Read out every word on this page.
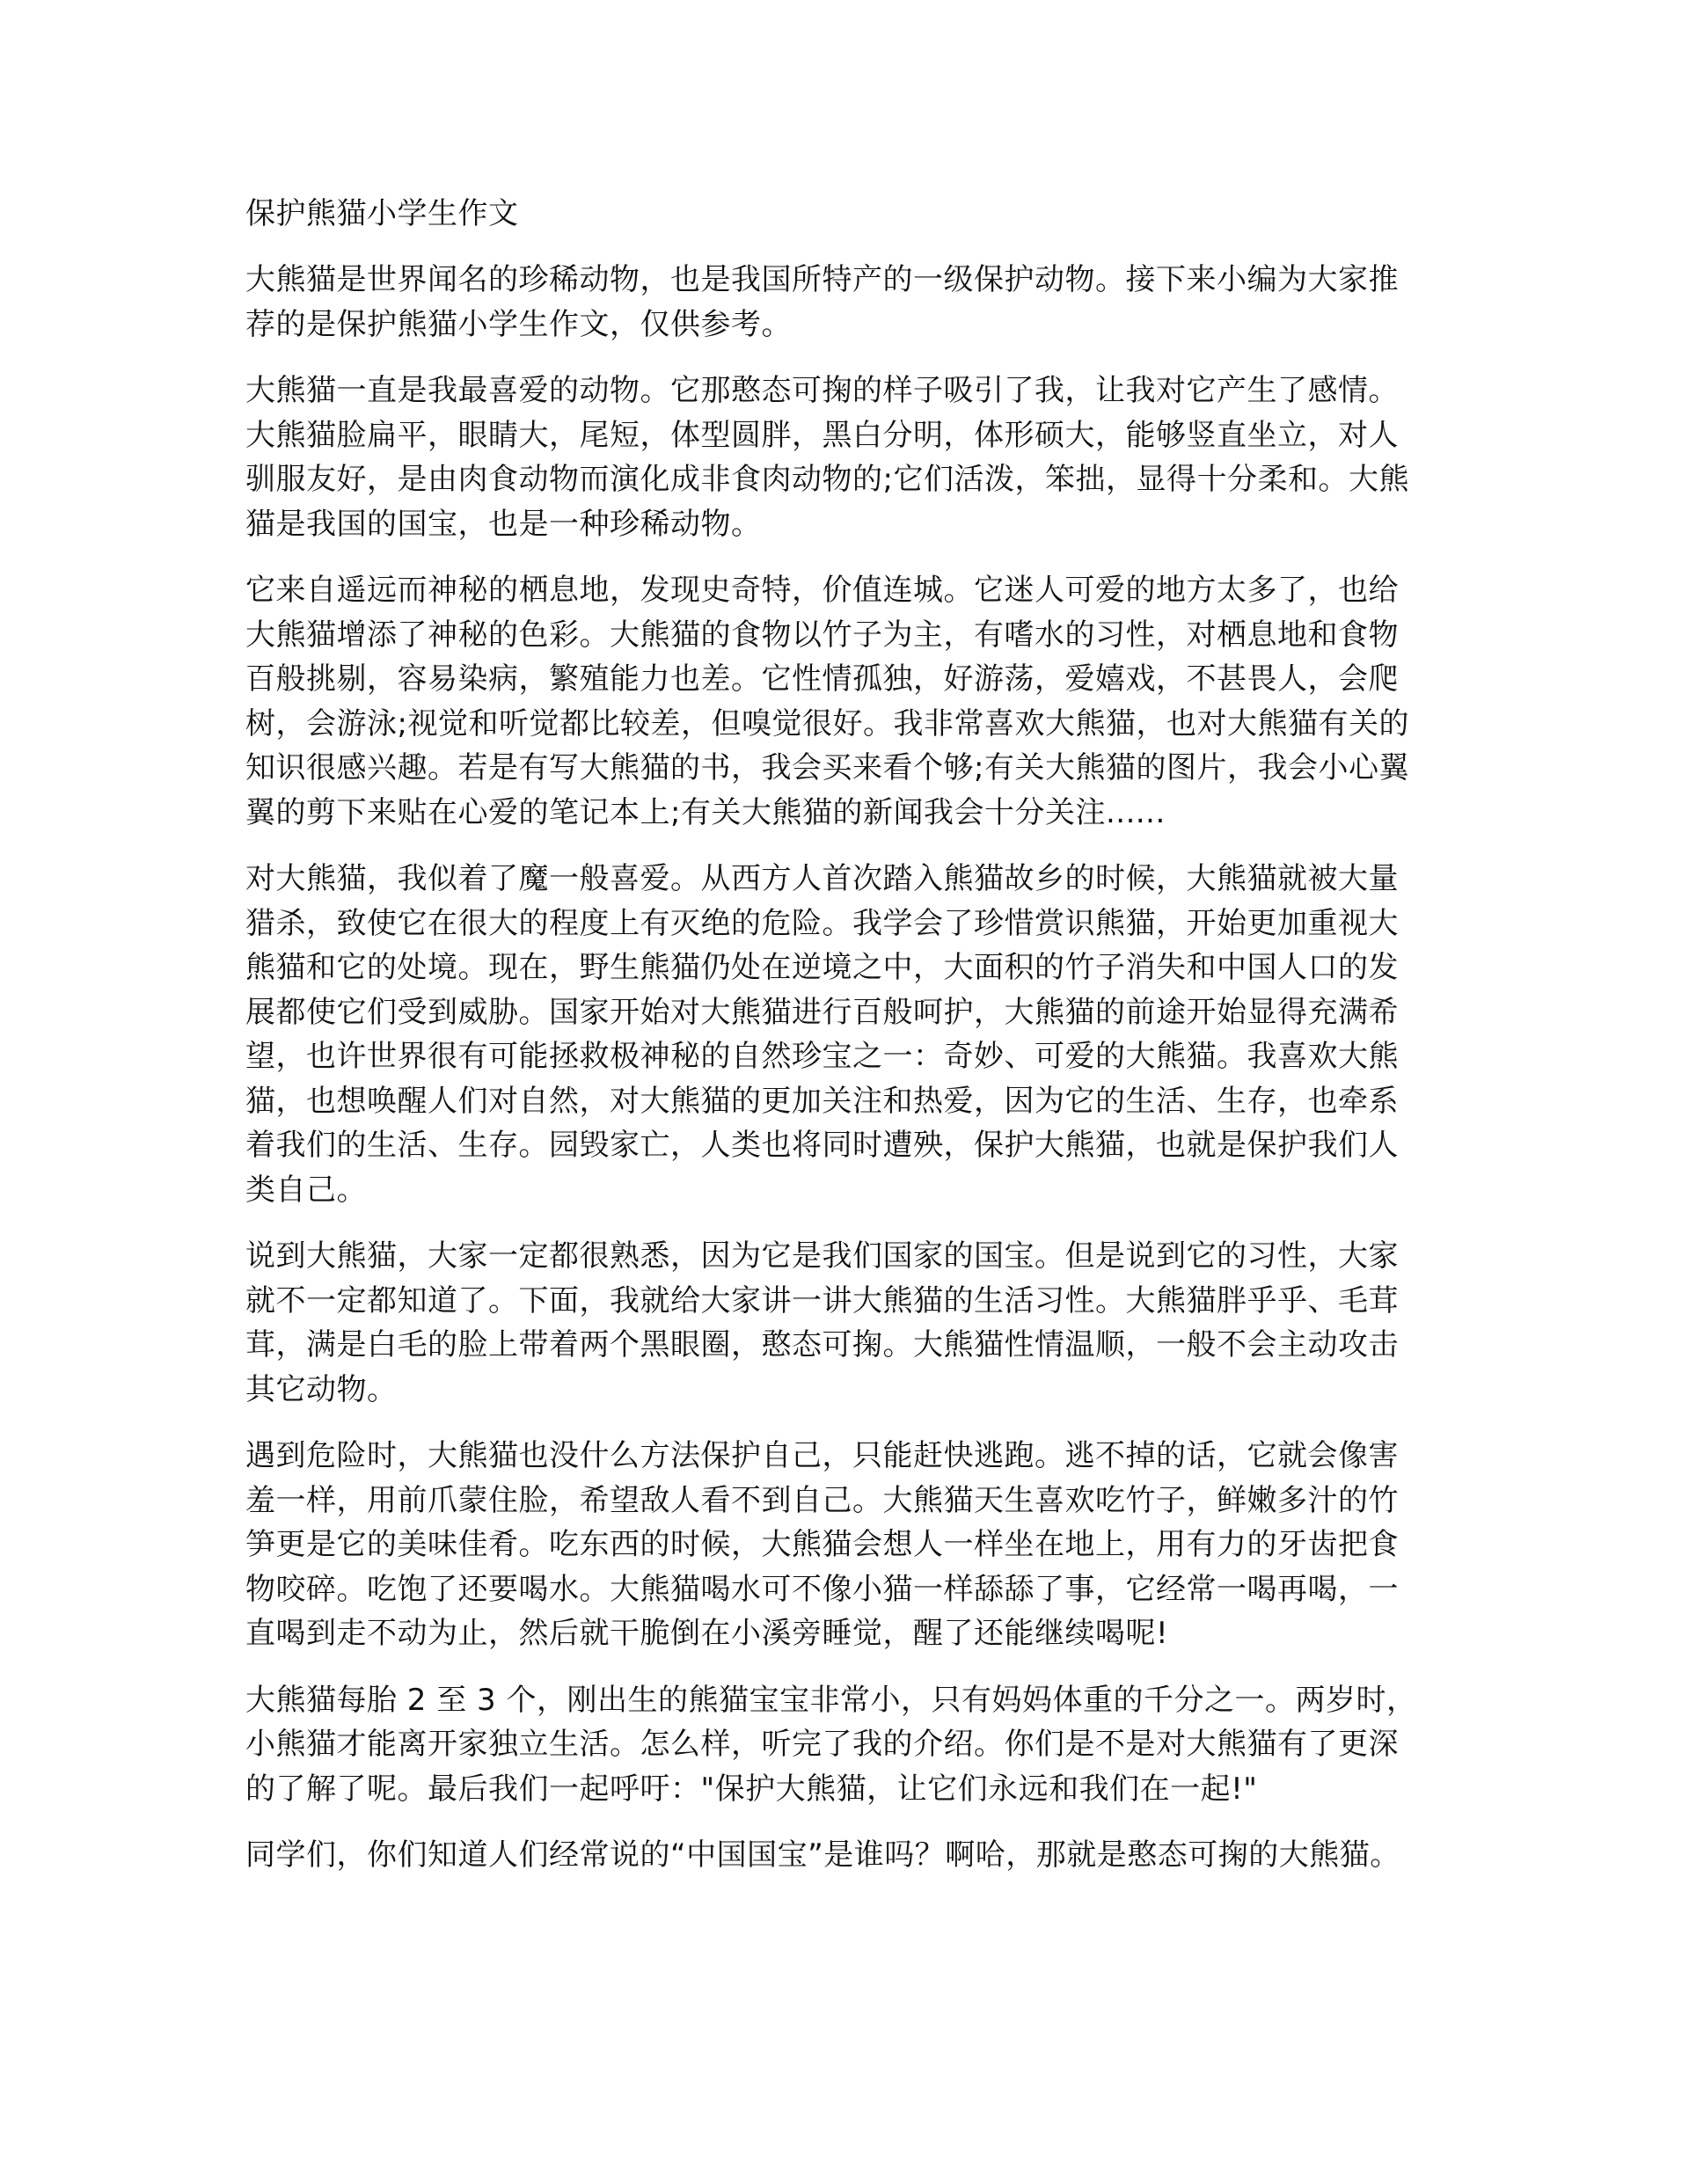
保护熊猫小学生作文

大熊猫是世界闻名的珍稀动物，也是我国所特产的一级保护动物。接下来小编为大家推荐的是保护熊猫小学生作文，仅供参考。

大熊猫一直是我最喜爱的动物。它那憨态可掬的样子吸引了我，让我对它产生了感情。大熊猫脸扁平，眼睛大，尾短，体型圆胖，黑白分明，体形硕大，能够竖直坐立，对人驯服友好，是由肉食动物而演化成非食肉动物的;它们活泼，笨拙，显得十分柔和。大熊猫是我国的国宝，也是一种珍稀动物。

它来自遥远而神秘的栖息地，发现史奇特，价值连城。它迷人可爱的地方太多了，也给大熊猫增添了神秘的色彩。大熊猫的食物以竹子为主，有嗜水的习性，对栖息地和食物百般挑剔，容易染病，繁殖能力也差。它性情孤独，好游荡，爱嬉戏，不甚畏人，会爬树，会游泳;视觉和听觉都比较差，但嗅觉很好。我非常喜欢大熊猫，也对大熊猫有关的知识很感兴趣。若是有写大熊猫的书，我会买来看个够;有关大熊猫的图片，我会小心翼翼的剪下来贴在心爱的笔记本上;有关大熊猫的新闻我会十分关注......

对大熊猫，我似着了魔一般喜爱。从西方人首次踏入熊猫故乡的时候，大熊猫就被大量猎杀，致使它在很大的程度上有灭绝的危险。我学会了珍惜赏识熊猫，开始更加重视大熊猫和它的处境。现在，野生熊猫仍处在逆境之中，大面积的竹子消失和中国人口的发展都使它们受到威胁。国家开始对大熊猫进行百般呵护，大熊猫的前途开始显得充满希望，也许世界很有可能拯救极神秘的自然珍宝之一：奇妙、可爱的大熊猫。我喜欢大熊猫，也想唤醒人们对自然，对大熊猫的更加关注和热爱，因为它的生活、生存，也牵系着我们的生活、生存。园毁家亡，人类也将同时遭殃，保护大熊猫，也就是保护我们人类自己。

说到大熊猫，大家一定都很熟悉，因为它是我们国家的国宝。但是说到它的习性，大家就不一定都知道了。下面，我就给大家讲一讲大熊猫的生活习性。大熊猫胖乎乎、毛茸茸，满是白毛的脸上带着两个黑眼圈，憨态可掬。大熊猫性情温顺，一般不会主动攻击其它动物。

遇到危险时，大熊猫也没什么方法保护自己，只能赶快逃跑。逃不掉的话，它就会像害羞一样，用前爪蒙住脸，希望敌人看不到自己。大熊猫天生喜欢吃竹子，鲜嫩多汁的竹笋更是它的美味佳肴。吃东西的时候，大熊猫会想人一样坐在地上，用有力的牙齿把食物咬碎。吃饱了还要喝水。大熊猫喝水可不像小猫一样舔舔了事，它经常一喝再喝，一直喝到走不动为止，然后就干脆倒在小溪旁睡觉，醒了还能继续喝呢!

大熊猫每胎 2 至 3 个，刚出生的熊猫宝宝非常小，只有妈妈体重的千分之一。两岁时，小熊猫才能离开家独立生活。怎么样，听完了我的介绍。你们是不是对大熊猫有了更深的了解了呢。最后我们一起呼吁："保护大熊猫，让它们永远和我们在一起!"

同学们，你们知道人们经常说的“中国国宝”是谁吗？啊哈，那就是憨态可掬的大熊猫。
